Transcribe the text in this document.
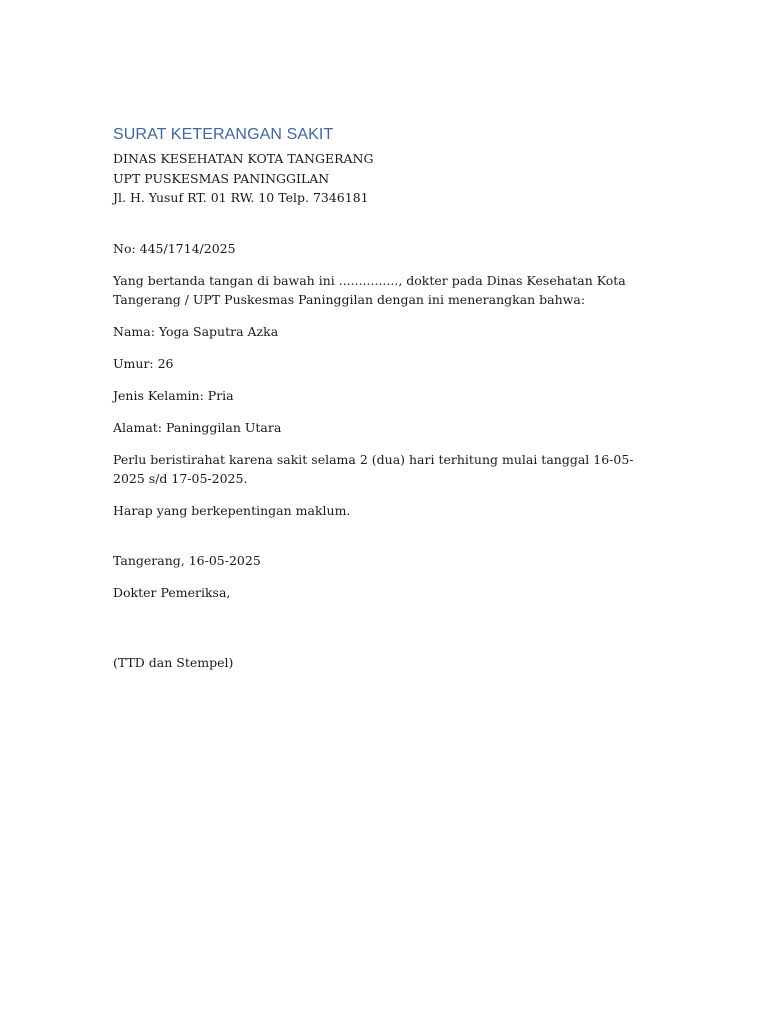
SURAT KETERANGAN SAKIT

DINAS KESEHATAN KOTA TANGERANG

UPT PUSKESMAS PANINGGILAN

Jl. H. Yusuf RT. 01 RW. 10 Telp. 7346181

No: 445/1714/2025

Yang bertanda tangan di bawah ini ..............., dokter pada Dinas Kesehatan Kota Tangerang / UPT Puskesmas Paninggilan dengan ini menerangkan bahwa:

Nama: Yoga Saputra Azka

Umur: 26

Jenis Kelamin: Pria

Alamat: Paninggilan Utara

Perlu beristirahat karena sakit selama 2 (dua) hari terhitung mulai tanggal 16-05-2025 s/d 17-05-2025.

Harap yang berkepentingan maklum.

Tangerang, 16-05-2025

Dokter Pemeriksa,

(TTD dan Stempel)
